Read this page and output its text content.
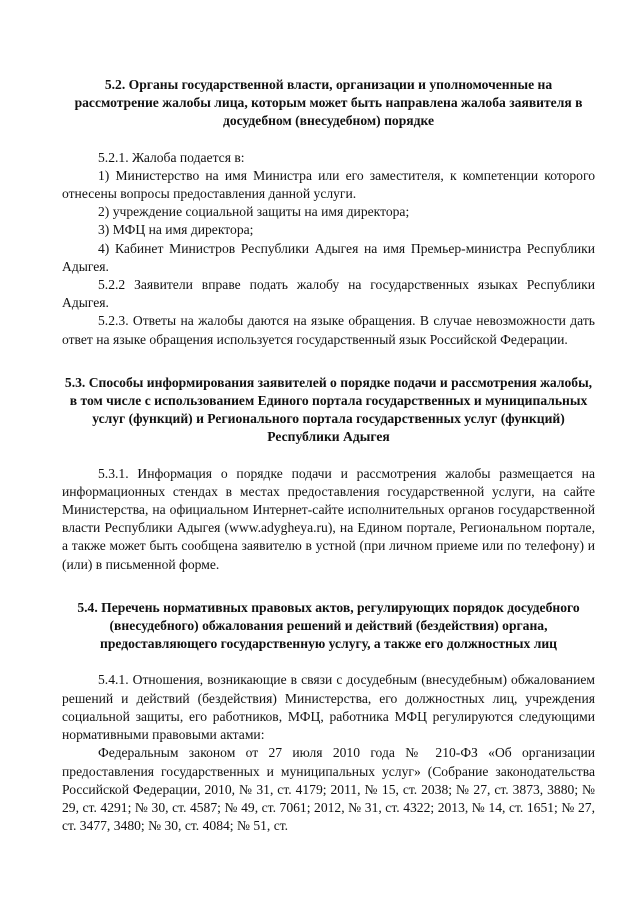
5.2. Органы государственной власти, организации и уполномоченные на рассмотрение жалобы лица, которым может быть направлена жалоба заявителя в досудебном (внесудебном) порядке

5.2.1. Жалоба подается в:

1) Министерство на имя Министра или его заместителя, к компетенции которого отнесены вопросы предоставления данной услуги.

2) учреждение социальной защиты на имя директора;

3) МФЦ на имя директора;

4) Кабинет Министров Республики Адыгея на имя Премьер-министра Республики Адыгея.

5.2.2 Заявители вправе подать жалобу на государственных языках Республики Адыгея.

5.2.3. Ответы на жалобы даются на языке обращения. В случае невозможности дать ответ на языке обращения используется государственный язык Российской Федерации.

5.3. Способы информирования заявителей о порядке подачи и рассмотрения жалобы, в том числе с использованием Единого портала государственных и муниципальных услуг (функций) и Регионального портала государственных услуг (функций) Республики Адыгея

5.3.1. Информация о порядке подачи и рассмотрения жалобы размещается на информационных стендах в местах предоставления государственной услуги, на сайте Министерства, на официальном Интернет-сайте исполнительных органов государственной власти Республики Адыгея (www.adygheya.ru), на Едином портале, Региональном портале, а также может быть сообщена заявителю в устной (при личном приеме или по телефону) и (или) в письменной форме.

5.4. Перечень нормативных правовых актов, регулирующих порядок досудебного (внесудебного) обжалования решений и действий (бездействия) органа, предоставляющего государственную услугу, а также его должностных лиц

5.4.1. Отношения, возникающие в связи с досудебным (внесудебным) обжалованием решений и действий (бездействия) Министерства, его должностных лиц, учреждения социальной защиты, его работников, МФЦ, работника МФЦ регулируются следующими нормативными правовыми актами:

Федеральным законом от 27 июля 2010 года № 210-ФЗ «Об организации предоставления государственных и муниципальных услуг» (Собрание законодательства Российской Федерации, 2010, № 31, ст. 4179; 2011, № 15, ст. 2038; № 27, ст. 3873, 3880; № 29, ст. 4291; № 30, ст. 4587; № 49, ст. 7061; 2012, № 31, ст. 4322; 2013, № 14, ст. 1651; № 27, ст. 3477, 3480; № 30, ст. 4084; № 51, ст.
